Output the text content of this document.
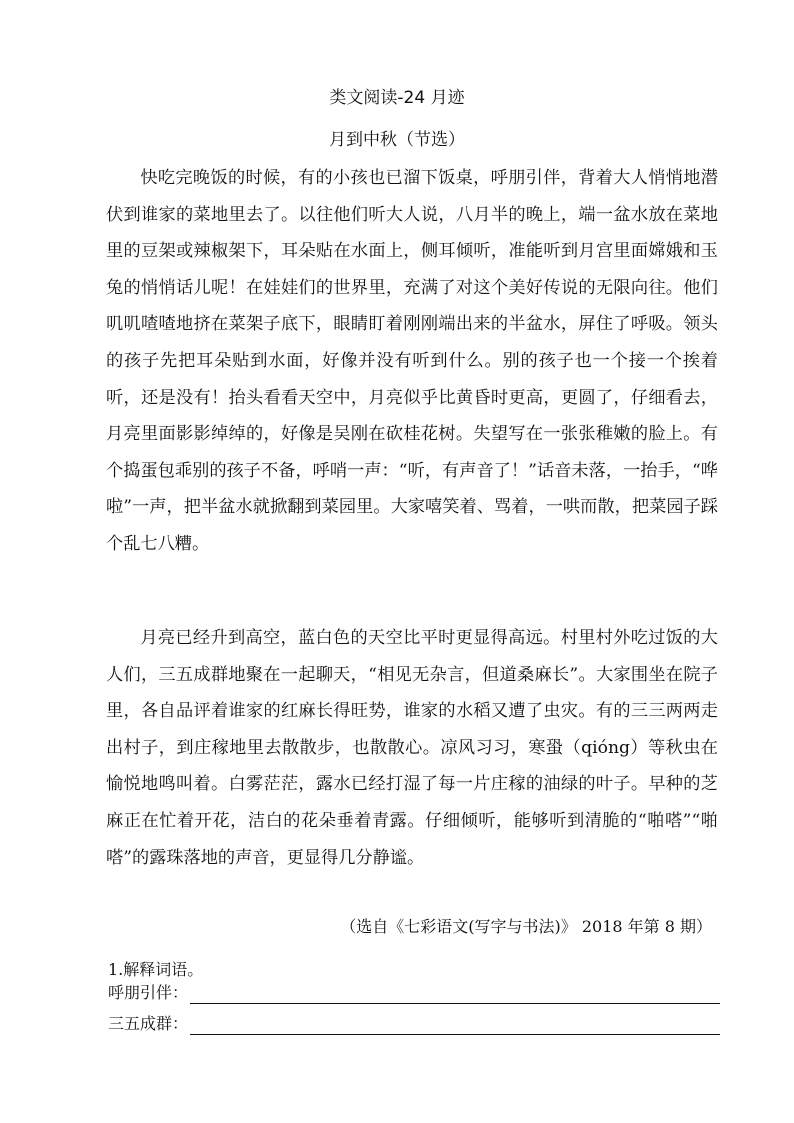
类文阅读-24 月迹
月到中秋（节选）

快吃完晚饭的时候，有的小孩也已溜下饭桌，呼朋引伴，背着大人悄悄地潜伏到谁家的菜地里去了。以往他们听大人说，八月半的晚上，端一盆水放在菜地里的豆架或辣椒架下，耳朵贴在水面上，侧耳倾听，准能听到月宫里面嫦娥和玉兔的悄悄话儿呢！在娃娃们的世界里，充满了对这个美好传说的无限向往。他们叽叽喳喳地挤在菜架子底下，眼睛盯着刚刚端出来的半盆水，屏住了呼吸。领头的孩子先把耳朵贴到水面，好像并没有听到什么。别的孩子也一个接一个挨着听，还是没有！抬头看看天空中，月亮似乎比黄昏时更高，更圆了，仔细看去，月亮里面影影绰绰的，好像是吴刚在砍桂花树。失望写在一张张稚嫩的脸上。有个捣蛋包乖别的孩子不备，呼哨一声：“听，有声音了！”话音未落，一抬手，“哗啦”一声，把半盆水就掀翻到菜园里。大家嘻笑着、骂着，一哄而散，把菜园子踩个乱七八糟。

月亮已经升到高空，蓝白色的天空比平时更显得高远。村里村外吃过饭的大人们，三五成群地聚在一起聊天，“相见无杂言，但道桑麻长”。大家围坐在院子里，各自品评着谁家的红麻长得旺势，谁家的水稻又遭了虫灾。有的三三两两走出村子，到庄稼地里去散散步，也散散心。凉风习习，寒蛩（qióng）等秋虫在愉悦地鸣叫着。白雾茫茫，露水已经打湿了每一片庄稼的油绿的叶子。早种的芝麻正在忙着开花，洁白的花朵垂着青露。仔细倾听，能够听到清脆的“啪嗒”“啪嗒”的露珠落地的声音，更显得几分静谧。

（选自《七彩语文(写字与书法)》 2018 年第 8 期）
1.解释词语。
呼朋引伴：
三五成群：
